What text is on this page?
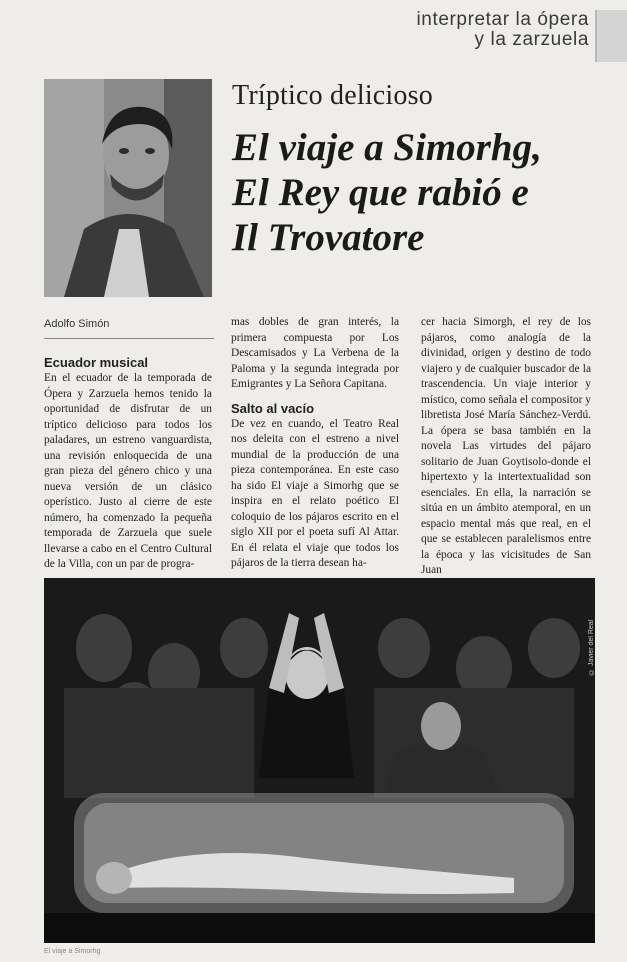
interpretar la ópera
y la zarzuela
Adolfo Simón
Tríptico delicioso
El viaje a Simorhg,
El Rey que rabió e
Il Trovatore

Ecuador musical

En el ecuador de la temporada de Ópera y Zarzuela hemos tenido la oportunidad de disfrutar de un tríptico delicioso para todos los paladares, un estreno vanguardista, una revisión enloquecida de una gran pieza del género chico y una nueva versión de un clásico operístico. Justo al cierre de este número, ha comenzado la pequeña temporada de Zarzuela que suele llevarse a cabo en el Centro Cultural de la Villa, con un par de progra-

mas dobles de gran interés, la primera compuesta por Los Descamisados y La Verbena de la Paloma y la segunda integrada por Emigrantes y La Señora Capitana.

Salto al vacío

De vez en cuando, el Teatro Real nos deleita con el estreno a nivel mundial de la producción de una pieza contemporánea. En este caso ha sido El viaje a Simorhg que se inspira en el relato poético El coloquio de los pájaros escrito en el siglo XII por el poeta sufí Al Attar. En él relata el viaje que todos los pájaros de la tierra desean ha-

cer hacia Simorgh, el rey de los pájaros, como analogía de la divinidad, origen y destino de todo viajero y de cualquier buscador de la trascendencia. Un viaje interior y místico, como señala el compositor y libretista José María Sánchez-Verdú. La ópera se basa también en la novela Las virtudes del pájaro solitario de Juan Goytisolo-donde el hipertexto y la intertextualidad son esenciales. En ella, la narración se sitúa en un ámbito atemporal, en un espacio mental más que real, en el que se establecen paralelismos entre la época y las vicisitudes de San Juan

© Javier del Real
El viaje a Simorhg
